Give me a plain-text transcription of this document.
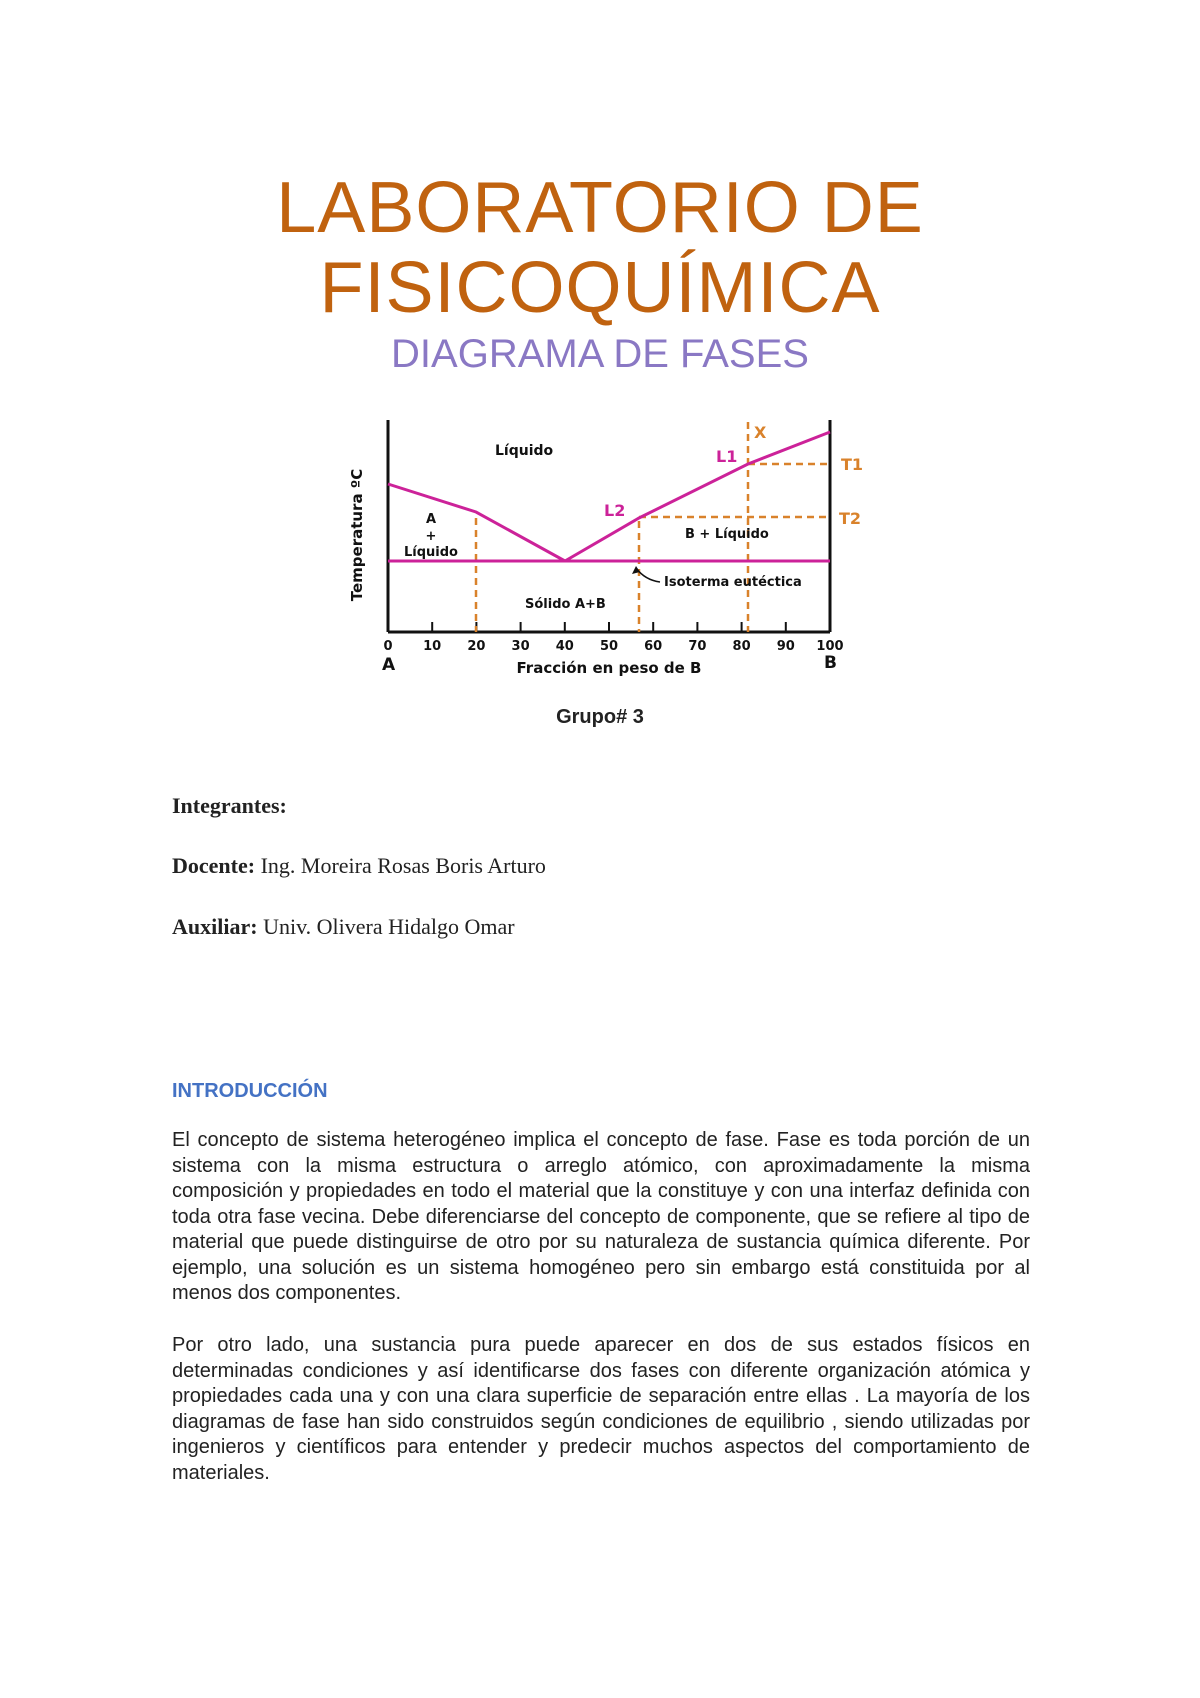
LABORATORIO DE
FISICOQUÍMICA
DIAGRAMA DE FASES
0 10 20 30 40 50 60 70 80 90 100
Temperatura ºC
Líquido
A
+
Líquido
B + Líquido
Sólido A+B
Isoterma eutéctica
L1
L2
X
T1
T2
A	B
Fracción en peso de B
Grupo# 3
Integrantes:
Docente: Ing. Moreira Rosas Boris Arturo
Auxiliar: Univ. Olivera Hidalgo Omar
INTRODUCCIÓN
El concepto de sistema heterogéneo implica el concepto de fase. Fase es toda porción de un sistema con la misma estructura o arreglo atómico, con aproximadamente la misma composición y propiedades en todo el material que la constituye y con una interfaz definida con toda otra fase vecina. Debe diferenciarse del concepto de componente, que se refiere al tipo de material que puede distinguirse de otro por su naturaleza de sustancia química diferente. Por ejemplo, una solución es un sistema homogéneo pero sin embargo está constituida por al menos dos componentes.
Por otro lado, una sustancia pura puede aparecer en dos de sus estados físicos en determinadas condiciones y así identificarse dos fases con diferente organización atómica y propiedades cada una y con una clara superficie de separación entre ellas . La mayoría de los diagramas de fase han sido construidos según condiciones de equilibrio , siendo utilizadas por ingenieros y científicos para entender y predecir muchos aspectos del comportamiento de materiales.
